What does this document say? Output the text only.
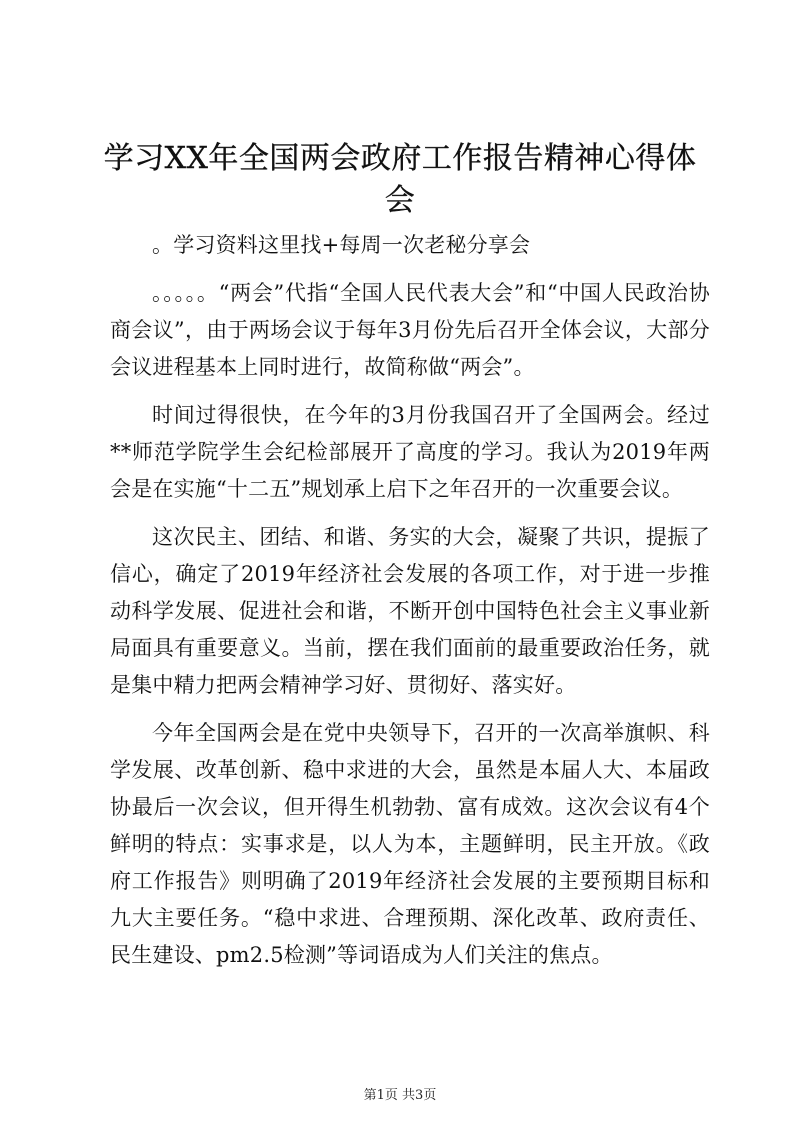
学习XX年全国两会政府工作报告精神心得体会

。学习资料这里找+每周一次老秘分享会

。。。。。“两会”代指“全国人民代表大会”和“中国人民政治协商会议”，由于两场会议于每年3月份先后召开全体会议，大部分会议进程基本上同时进行，故简称做“两会”。

时间过得很快，在今年的3月份我国召开了全国两会。经过**师范学院学生会纪检部展开了高度的学习。我认为2019年两会是在实施“十二五”规划承上启下之年召开的一次重要会议。

这次民主、团结、和谐、务实的大会，凝聚了共识，提振了信心，确定了2019年经济社会发展的各项工作，对于进一步推动科学发展、促进社会和谐，不断开创中国特色社会主义事业新局面具有重要意义。当前，摆在我们面前的最重要政治任务，就是集中精力把两会精神学习好、贯彻好、落实好。

今年全国两会是在党中央领导下，召开的一次高举旗帜、科学发展、改革创新、稳中求进的大会，虽然是本届人大、本届政协最后一次会议，但开得生机勃勃、富有成效。这次会议有4个鲜明的特点：实事求是，以人为本，主题鲜明，民主开放。《政府工作报告》则明确了2019年经济社会发展的主要预期目标和九大主要任务。“稳中求进、合理预期、深化改革、政府责任、民生建设、pm2.5检测”等词语成为人们关注的焦点。

第1页 共3页
